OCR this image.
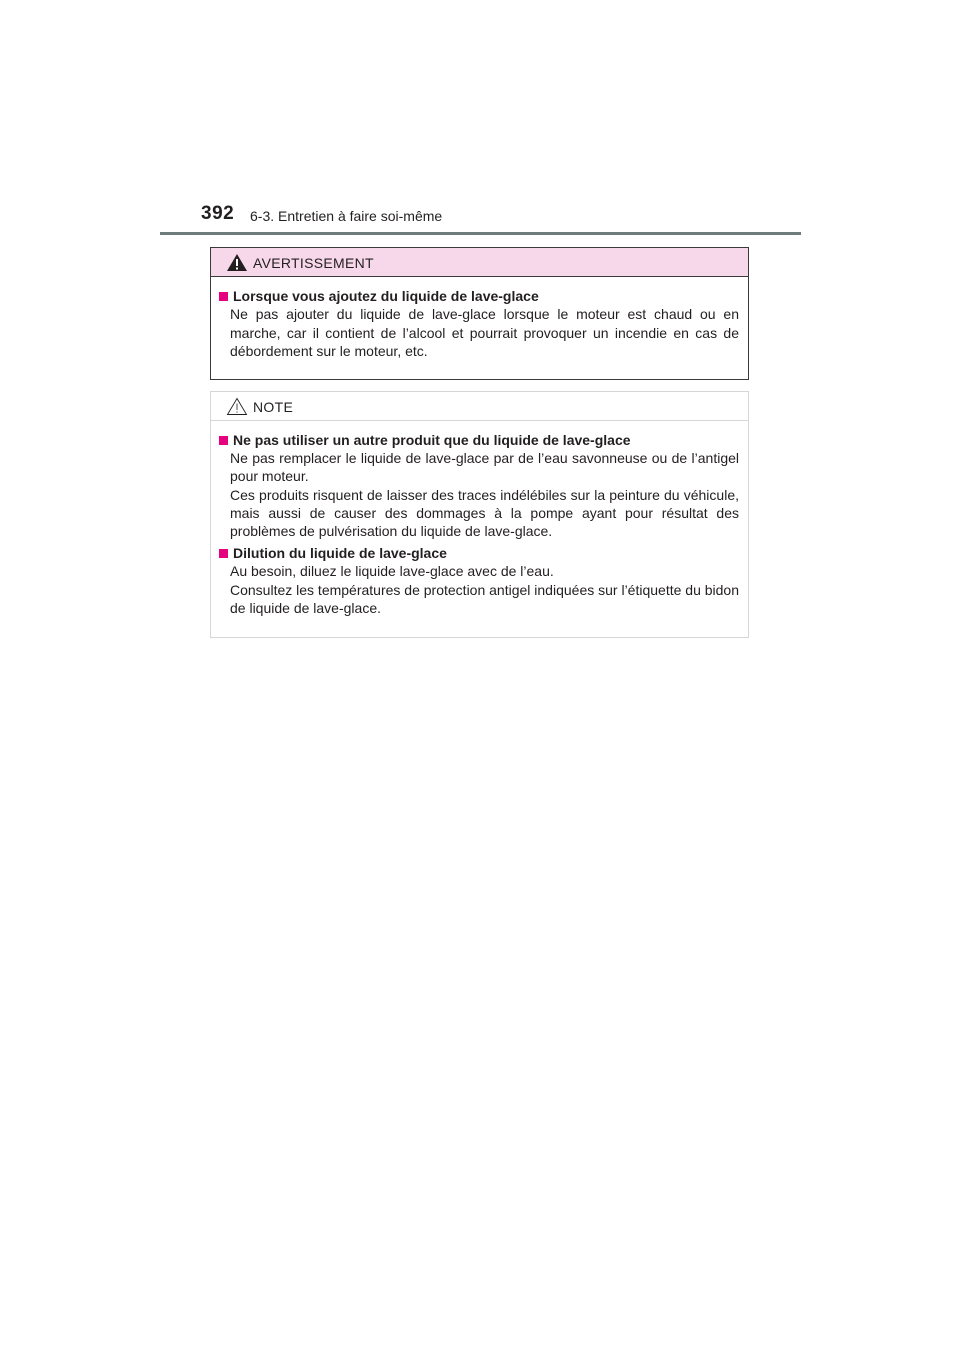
392 6-3. Entretien à faire soi-même
AVERTISSEMENT
Lorsque vous ajoutez du liquide de lave-glace

Ne pas ajouter du liquide de lave-glace lorsque le moteur est chaud ou en marche, car il contient de l’alcool et pourrait provoquer un incendie en cas de débordement sur le moteur, etc.

NOTE
Ne pas utiliser un autre produit que du liquide de lave-glace

Ne pas remplacer le liquide de lave-glace par de l’eau savonneuse ou de l’antigel pour moteur.

Ces produits risquent de laisser des traces indélébiles sur la peinture du véhicule, mais aussi de causer des dommages à la pompe ayant pour résultat des problèmes de pulvérisation du liquide de lave-glace.

Dilution du liquide de lave-glace

Au besoin, diluez le liquide lave-glace avec de l’eau.

Consultez les températures de protection antigel indiquées sur l’étiquette du bidon de liquide de lave-glace.
